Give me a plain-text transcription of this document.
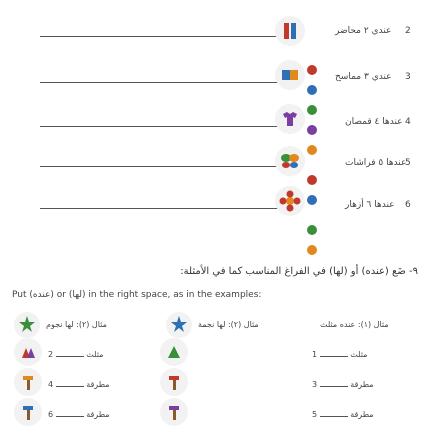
عندي ٢ محاضر 2
عندي ٣ مماسح 3
عندها ٤ قمصان 4
عندها ٥ فراشات
5
عندها ٦ أزهار 6
٩- ضَع (عنده) أو (لها) في الفراغ المناسب كما في الأمثلة:
Put (عنده) or (لها) in the right space, as in the examples:
مثال (٢): لها نجوم	مثال (٢): لها نجمة	مثال (١): عنده مثلث
مثلث  2
مطرقة  4
مطرقة  6
مثلث  1
مطرقة  3
مطرقة  5
